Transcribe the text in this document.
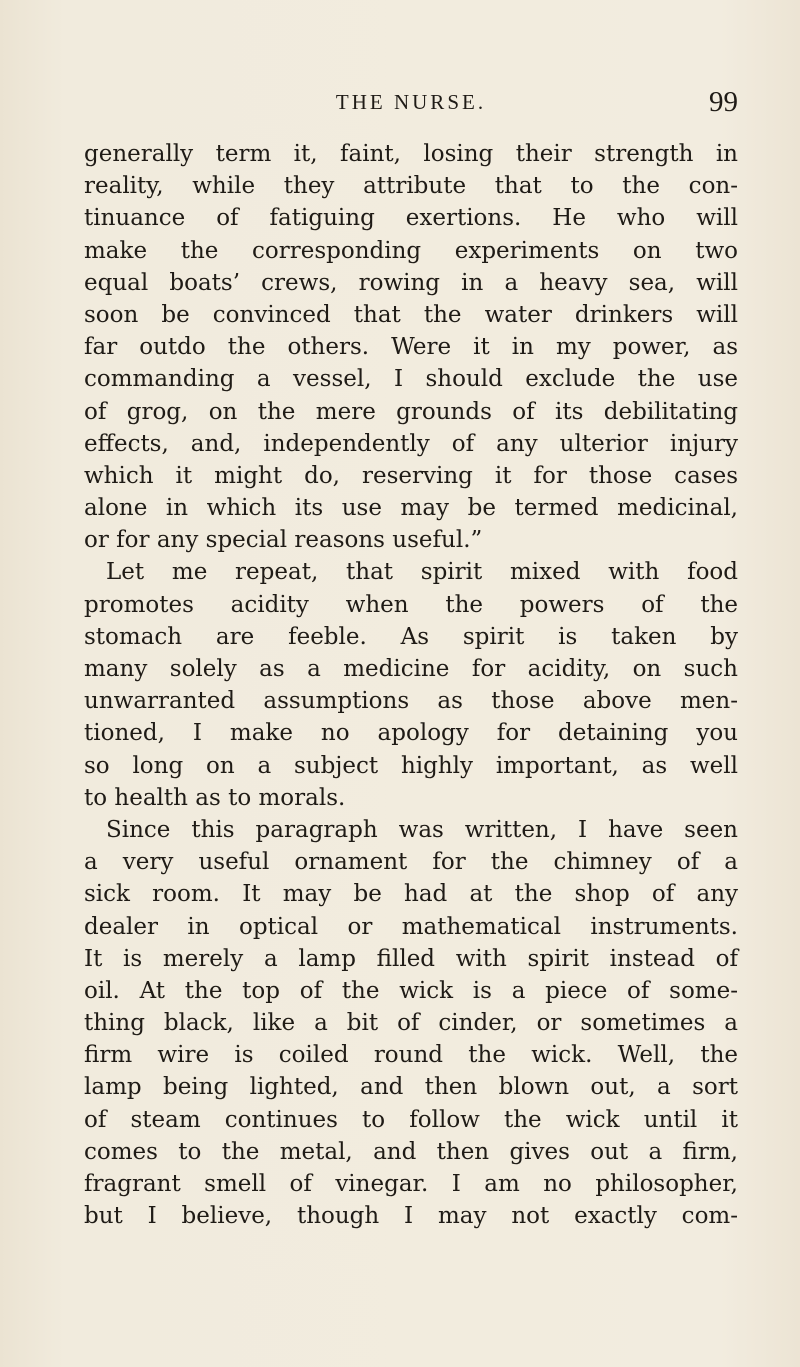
THE NURSE.	99
generally term it, faint, losing their strength in
reality, while they attribute that to the con-
tinuance of fatiguing exertions. He who will
make the corresponding experiments on two
equal boats’ crews, rowing in a heavy sea, will
soon be convinced that the water drinkers will
far outdo the others. Were it in my power, as
commanding a vessel, I should exclude the use
of grog, on the mere grounds of its debilitating
effects, and, independently of any ulterior injury
which it might do, reserving it for those cases
alone in which its use may be termed medicinal,
or for any special reasons useful.”
Let me repeat, that spirit mixed with food
promotes acidity when the powers of the
stomach are feeble. As spirit is taken by
many solely as a medicine for acidity, on such
unwarranted assumptions as those above men-
tioned, I make no apology for detaining you
so long on a subject highly important, as well
to health as to morals.
Since this paragraph was written, I have seen
a very useful ornament for the chimney of a
sick room. It may be had at the shop of any
dealer in optical or mathematical instruments.
It is merely a lamp filled with spirit instead of
oil. At the top of the wick is a piece of some-
thing black, like a bit of cinder, or sometimes a
firm wire is coiled round the wick. Well, the
lamp being lighted, and then blown out, a sort
of steam continues to follow the wick until it
comes to the metal, and then gives out a firm,
fragrant smell of vinegar. I am no philosopher,
but I believe, though I may not exactly com-
